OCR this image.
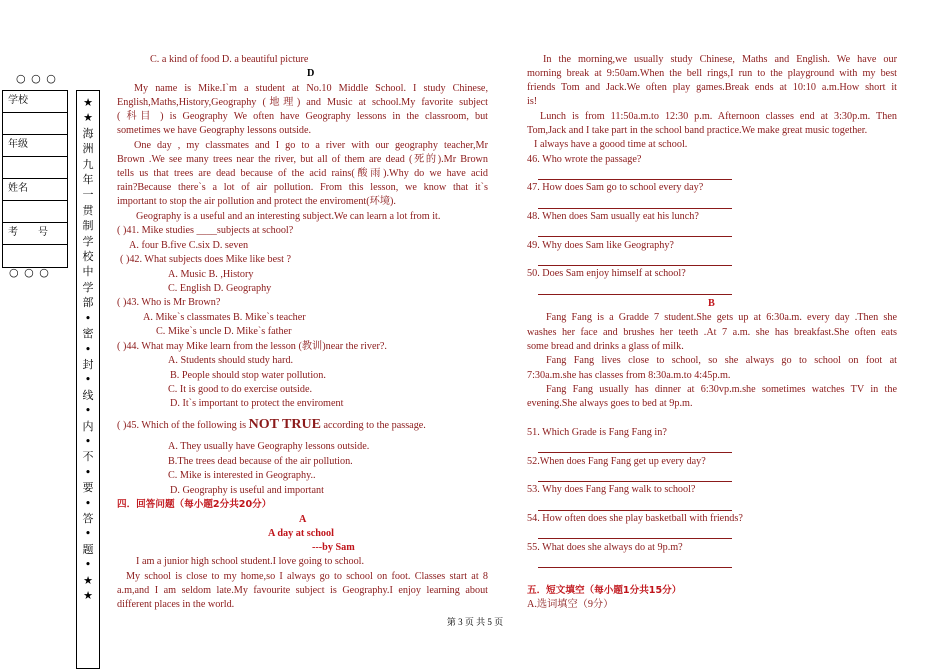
○ ○ ○
学校
年级
姓名
考　　号
○ ○ ○
★
★
海
洲
九
年
一
贯
制
学
校
中
学
部
•
密
•
封
•
线
•
内
•
不
•
要
•
答
•
题
•
★
★
C. a kind of food D. a beautiful picture
D
My name is Mike.I`m a student at No.10 Middle School. I study Chinese,
English,Maths,History,Geography (地理) and Music at school.My favorite subject
( 科目 ) is Geography We often have Geography lessons in the classroom, but
sometimes we have Geography lessons outside.
One day , my classmates and I go to a river with our geography teacher,Mr
Brown .We see many trees near the river, but all of them are dead (死的).Mr Brown
tells us that trees are dead because of the acid rains(酸雨).Why do we have acid
rain?Because there`s a lot of air pollution. From this lesson, we know that it`s
important to stop the air pollution and protect the enviroment(环境).
Geography is a useful and an interesting subject.We can learn a lot from it.
( )41. Mike studies ____subjects at school?
A. four B.five C.six D. seven
( )42. What subjects does Mike like best ?
A. Music B. ,History
C. English D. Geography
( )43. Who is Mr Brown?
A. Mike`s classmates B. Mike`s teacher
C. Mike`s uncle D. Mike`s father
( )44. What may Mike learn from the lesson (教训)near the river?.
A. Students should study hard.
B. People should stop water pollution.
C. It is good to do exercise outside.
D. It`s important to protect the enviroment
( )45. Which of the following is NOT TRUE according to the passage.
A. They usually have Geography lessons outside.
B.The trees dead because of the air pollution.
C. Mike is interested in Geography..
D. Geography is useful and important
四．回答问题（每小题2分共20分）
A
A day at school
---by Sam
I am a junior high school student.I love going to school.
My school is close to my home,so I always go to school on foot. Classes start at 8
a.m,and I am seldom late.My favourite subject is Geography.I enjoy learning about
different places in the world.
In the morning,we usually study Chinese, Maths and English. We have our
morning break at 9:50am.When the bell rings,I run to the playground with my best
friends Tom and Jack.We often play games.Break ends at 10:10 a.m.How short it
is!
Lunch is from 11:50a.m.to 12:30 p.m. Afternoon classes end at 3:30p.m. Then
Tom,Jack and I take part in the school band practice.We make great music together.
I always have a goood time at school.
46. Who wrote the passage?
47. How does Sam go to school every day?
48. When does Sam usually eat his lunch?
49. Why does Sam like Geography?
50. Does Sam enjoy himself at school?
B
Fang Fang is a Gradde 7 student.She gets up at 6:30a.m. every day .Then she
washes her face and brushes her teeth .At 7 a.m. she has breakfast.She often eats
some bread and drinks a glass of milk.
Fang Fang lives close to school, so she always go to school on foot at
7:30a.m.she has classes from 8:30a.m.to 4:45p.m.
Fang Fang usually has dinner at 6:30vp.m.she sometimes watches TV in the
evening.She always goes to bed at 9p.m.
51. Which Grade is Fang Fang in?
52.When does Fang Fang get up every day?
53. Why does Fang Fang walk to school?
54. How often does she play basketball with friends?
55. What does she always do at 9p.m?
五．短文填空（每小题1分共15分）
A.选词填空（9分）
第 3 页 共 5 页
